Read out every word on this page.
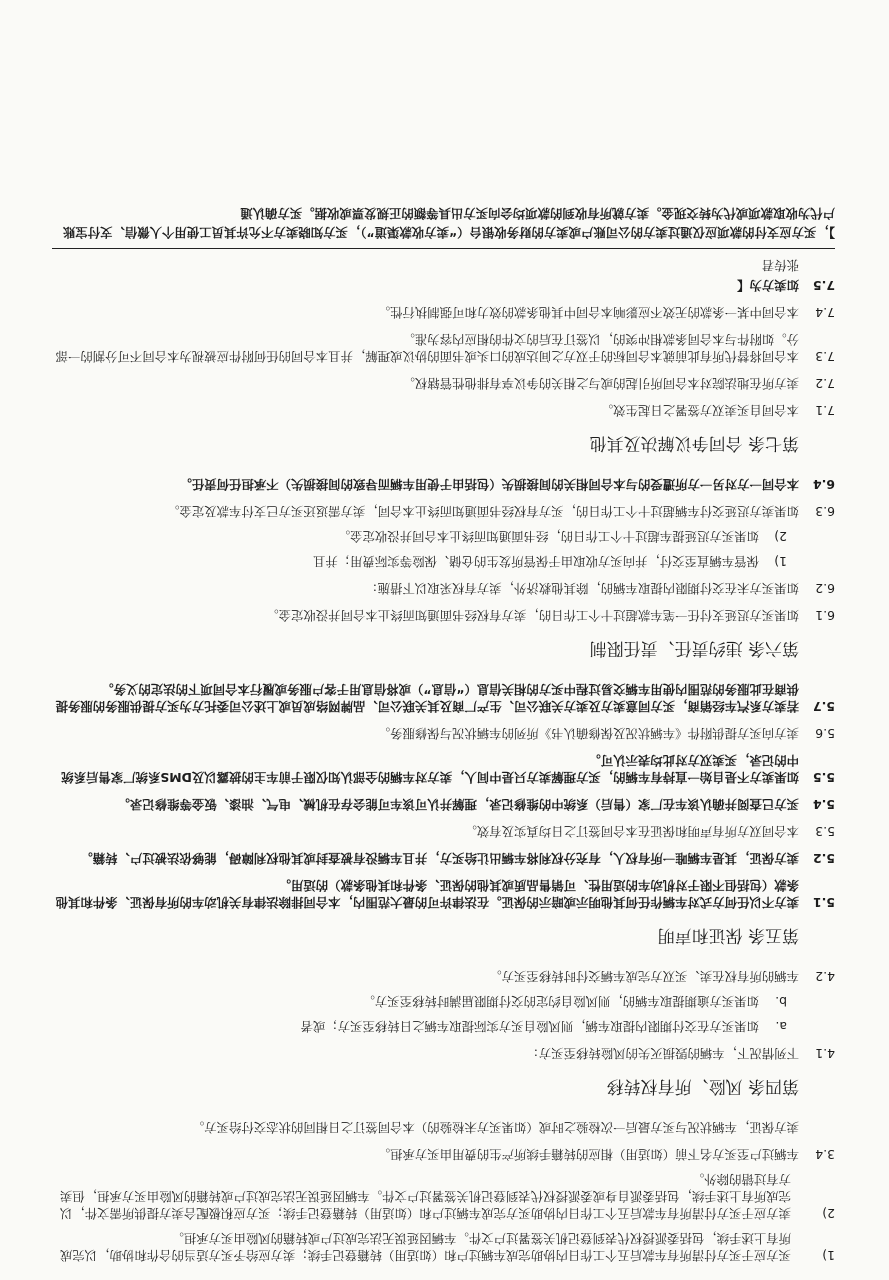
1)
买方应于买方付清所有车款后五个工作日内协助完成车辆过户和（如适用）转籍登记手续；卖方应给予买方适当的合作和协助，以完成所有上述手续，包括委派授权代表到登记机关签署过户文件。车辆因延误无法完成过户或转籍的风险由买方承担。
2)
卖方应于买方付清所有车款后五个工作日内协助买方完成车辆过户和（如适用）转籍登记手续；买方应积极配合卖方提供所需文件，以完成所有上述手续，包括委派自身或委派授权代表到登记机关签署过户文件。车辆因延误无法完成过户或转籍的风险由买方承担，但卖方有过错的除外。
3.4
车辆过户至买方名下前（如适用）相应的转籍手续所产生的费用由买方承担。
卖方保证，车辆状况与买方最后一次检验之时或（如果买方未检验的）本合同签订之日相同的状态交付给买方。
第四条 风险、所有权转移
4.1
下列情况下，车辆的毁损灭失的风险转移至买方：
a.
如果买方在交付期限内提取车辆，则风险自买方实际提取车辆之日转移至买方；或者
b.
如果买方逾期提取车辆的，则风险自约定的交付期限届满时转移至买方。
4.2
车辆的所有权在卖、买双方完成车辆交付时转移至买方。
第五条 保证和声明
5.1
卖方不以任何方式对车辆作任何其他明示或暗示的保证。在法律许可的最大范围内，本合同排除法律有关机动车的所有保证、条件和其他条款（包括但不限于对机动车的适用性、可销售品质或其他的保证、条件和其他条款）的适用。
5.2
卖方保证，其是车辆唯一所有权人，有充分权利将车辆出让给买方，并且车辆没有被查封或其他权利障碍，能够依法被过户、转籍。
5.3
本合同双方所有声明和保证在本合同签订之日均真实及有效。
5.4
买方已查阅并确认该车在厂家（售后）系统中的维修记录，理解并认可该车可能会存在机械、电气、油漆、钣金等维修记录。
5.5
如果卖方不是自始一直持有车辆的，买方理解卖方只是中间人，卖方对车辆的全部认知仅限于前车主的披露以及DMS系统厂家售后系统中的记录，买卖双方对此均表示认可。
5.6
卖方向买方提供附件《车辆状况及保修确认书》所列的车辆状况与保修服务。
5.7
若卖方系汽车经销商，买方同意卖方及卖方关联公司、生产厂商及其关联公司、品牌网络成员或上述公司委托方为买方提供服务的服务提供商在此服务的范围内使用车辆交易过程中买方的相关信息（“信息”）或将信息用于客户服务或履行本合同项下的法定的义务。
第六条 违约责任、责任限制
6.1
如果买方迟延支付任一笔车款超过十个工作日的，卖方有权经书面通知而终止本合同并没收定金。
6.2
如果买方未在交付期限内提取车辆的，除其他救济外，卖方有权采取以下措施：
1)
保管车辆直至交付，并向买方收取由于保管所发生的仓储、保险等实际费用；并且
2)
如果买方迟延提车超过十个工作日的，经书面通知而终止本合同并没收定金。
6.3
如果卖方迟延交付车辆超过十个工作日的，买方有权经书面通知而终止本合同，卖方需返还买方已支付车款及定金。
6.4
本合同一方对另一方所遭受的与本合同相关的间接损失（包括由于使用车辆而导致的间接损失）不承担任何责任。
第七条 合同争议解决及其他
7.1
本合同自买卖双方签署之日起生效。
7.2
卖方所在地法院对本合同所引起的或与之相关的争议享有排他性管辖权。
7.3
本合同将替代所有此前就本合同标的于双方之间达成的口头或书面的协议或理解，并且本合同的任何附件应被视为本合同不可分割的一部分。如附件与本合同条款相冲突的，以签订在后的文件的相应内容为准。
7.4
本合同中某一条款的无效不应影响本合同中其他条款的效力和可强制执行性。
7.5
如卖方为【
张传君
】，买方应支付的款项应仅通过卖方的公司账户或卖方的财务收银台（“卖方收款渠道”），买方知晓卖方不允许其员工使用个人微信、支付宝账户代为收取款项或代为转交现金。卖方就所有收到的款项均会向买方出具等额的正规发票或收据。买方确认通
